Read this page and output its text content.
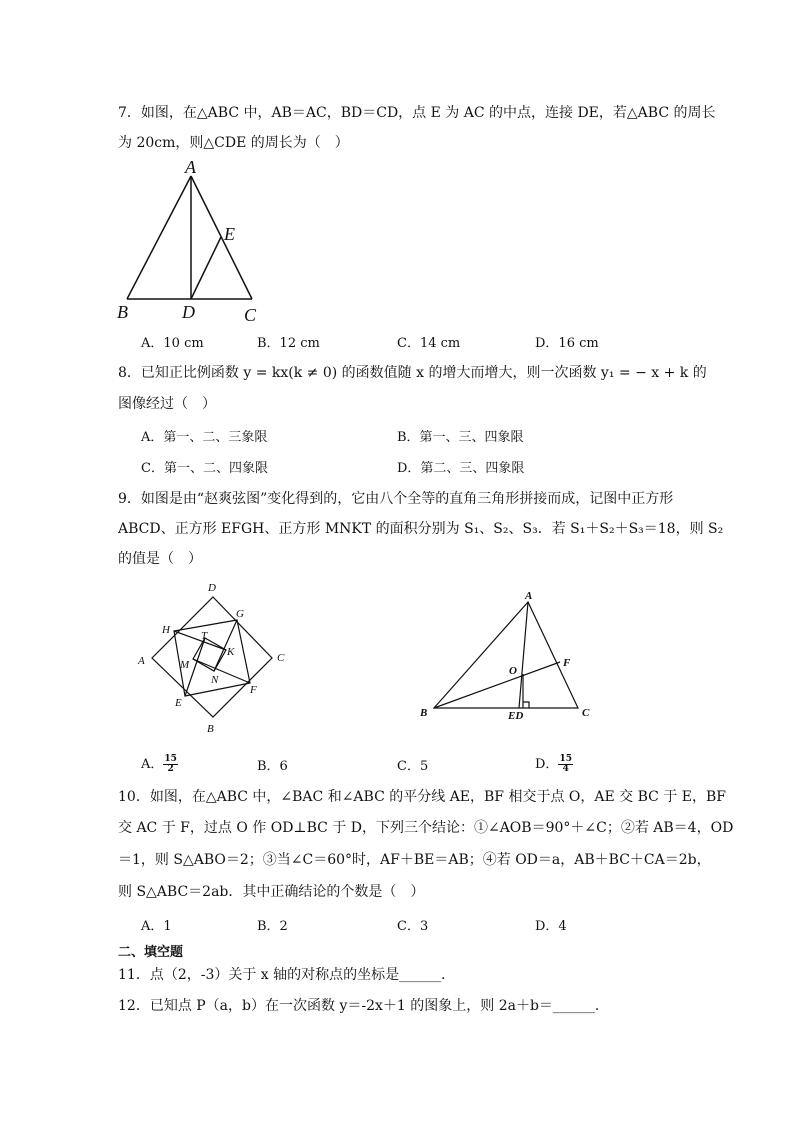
7．如图，在△ABC 中，AB＝AC，BD＝CD，点 E 为 AC 的中点，连接 DE，若△ABC 的周长
为 20cm，则△CDE 的周长为（　）
A
B	C
D
E
A．10 cm	B．12 cm	C．14 cm	D．16 cm
8．已知正比例函数 y = kx(k ≠ 0) 的函数值随 x 的增大而增大，则一次函数 y₁ = − x + k 的
图像经过（　）
A．第一、二、三象限	B．第一、三、四象限
C．第一、二、四象限	D．第二、三、四象限
9．如图是由“赵爽弦图”变化得到的，它由八个全等的直角三角形拼接而成，记图中正方形
ABCD、正方形 EFGH、正方形 MNKT 的面积分别为 S₁、S₂、S₃．若 S₁＋S₂＋S₃＝18，则 S₂
的值是（　）
D
G
H	T
A
K	C
M
N
E
F
B
A
O
F
B	ED	C
A． $\frac{15}{2}$	B．6	C．5	D． $\frac{15}{4}$
10．如图，在△ABC 中，∠BAC 和∠ABC 的平分线 AE，BF 相交于点 O，AE 交 BC 于 E，BF
交 AC 于 F，过点 O 作 OD⊥BC 于 D，下列三个结论：①∠AOB＝90°＋∠C；②若 AB＝4，OD
＝1，则 S△ABO＝2；③当∠C＝60°时，AF＋BE＝AB；④若 OD＝a，AB＋BC＋CA＝2b，
则 S△ABC＝2ab．其中正确结论的个数是（　）
A．1	B．2	C．3	D．4
二、填空题
11．点（2，-3）关于 x 轴的对称点的坐标是______．
12．已知点 P（a，b）在一次函数 y＝-2x＋1 的图象上，则 2a＋b＝______．
